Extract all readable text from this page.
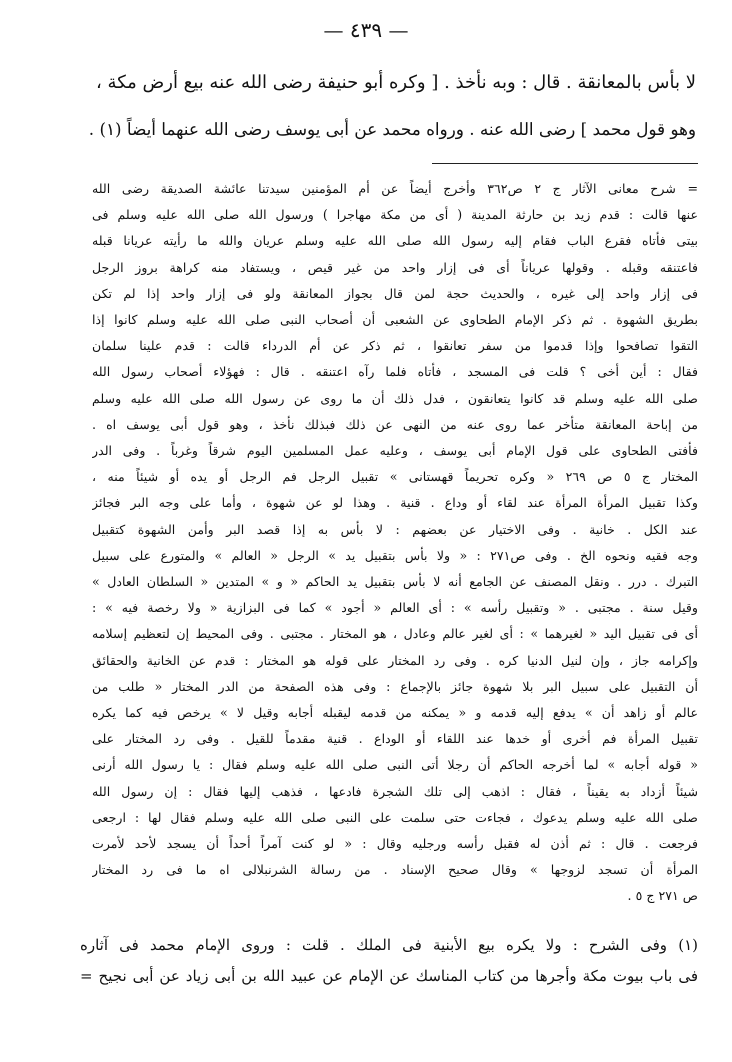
— ٤٣٩ —
لا بأس بالمعانقة . قال : وبه نأخذ . [ وكره أبو حنيفة رضى الله عنه بيع أرض مكة ،
وهو قول محمد ] رضى الله عنه . ورواه محمد عن أبى يوسف رضى الله عنهما أيضاً (١) .
= شرح معانى الآثار ج ٢ ص٣٦٢ وأخرج أيضاً عن أم المؤمنين سيدتنا عائشة الصديقة رضى الله
عنها قالت : قدم زيد بن حارثة المدينة ( أى من مكة مهاجرا ) ورسول الله صلى الله عليه وسلم فى
بيتى فأتاه فقرع الباب فقام إليه رسول الله صلى الله عليه وسلم عريان والله ما رأيته عريانا قبله
فاعتنقه وقبله . وقولها عرياناً أى فى إزار واحد من غير قيص ، ويستفاد منه كراهة بروز الرجل
فى إزار واحد إلى غيره ، والحديث حجة لمن قال بجواز المعانقة ولو فى إزار واحد إذا لم تكن
بطريق الشهوة . ثم ذكر الإمام الطحاوى عن الشعبى أن أصحاب النبى صلى الله عليه وسلم كانوا إذا
التقوا تصافحوا وإذا قدموا من سفر تعانقوا ، ثم ذكر عن أم الدرداء قالت : قدم علينا سلمان
فقال : أين أخى ؟ قلت فى المسجد ، فأتاه فلما رآه اعتنقه . قال : فهؤلاء أصحاب رسول الله
صلى الله عليه وسلم قد كانوا يتعانقون ، فدل ذلك أن ما روى عن رسول الله صلى الله عليه وسلم
من إباحة المعانقة متأخر عما روى عنه من النهى عن ذلك فبذلك نأخذ ، وهو قول أبى يوسف اه .
فأفتى الطحاوى على قول الإمام أبى يوسف ، وعليه عمل المسلمين اليوم شرقاً وغرباً . وفى الدر
المختار ج ٥ ص ٢٦٩ « وكره تحريماً قهستانى » تقبيل الرجل فم الرجل أو يده أو شيئاً منه ،
وكذا تقبيل المرأة المرأة عند لقاء أو وداع . قنية . وهذا لو عن شهوة ، وأما على وجه البر فجائز
عند الكل . خانية . وفى الاختيار عن بعضهم : لا بأس به إذا قصد البر وأمن الشهوة كتقبيل
وجه فقيه ونحوه الخ . وفى ص٢٧١ : « ولا بأس بتقبيل يد » الرجل « العالم » والمتورع على سبيل
التبرك . درر . ونقل المصنف عن الجامع أنه لا بأس بتقبيل يد الحاكم « و » المتدين « السلطان العادل »
وقيل سنة . مجتبى . « وتقبيل رأسه » : أى العالم « أجود » كما فى البزازية « ولا رخصة فيه » :
أى فى تقبيل اليد « لغيرهما » : أى لغير عالم وعادل ، هو المختار . مجتبى . وفى المحيط إن لتعظيم إسلامه
وإكرامه جاز ، وإن لنيل الدنيا كره . وفى رد المختار على قوله هو المختار : قدم عن الخانية والحقائق
أن التقبيل على سبيل البر بلا شهوة جائز بالإجماع : وفى هذه الصفحة من الدر المختار « طلب من
عالم أو زاهد أن » يدفع إليه قدمه و « يمكنه من قدمه ليقبله أجابه وقيل لا » يرخص فيه كما يكره
تقبيل المرأة فم أخرى أو خدها عند اللقاء أو الوداع . قنية مقدماً للقيل . وفى رد المختار على
« قوله أجابه » لما أخرجه الحاكم أن رجلا أتى النبى صلى الله عليه وسلم فقال : يا رسول الله أرنى
شيئاً أزداد به يقيناً ، فقال : اذهب إلى تلك الشجرة فادعها ، فذهب إليها فقال : إن رسول الله
صلى الله عليه وسلم يدعوك ، فجاءت حتى سلمت على النبى صلى الله عليه وسلم فقال لها : ارجعى
فرجعت . قال : ثم أذن له فقبل رأسه ورجليه وقال : « لو كنت آمراً أحداً أن يسجد لأحد لأمرت
المرأة أن تسجد لزوجها » وقال صحيح الإسناد . من رسالة الشرنبلالى اه ما فى رد المختار
ص ٢٧١ ج ٥ .
(١) وفى الشرح : ولا يكره بيع الأبنية فى الملك . قلت : وروى الإمام محمد فى آثاره
فى باب بيوت مكة وأجرها من كتاب المناسك عن الإمام عن عبيد الله بن أبى زياد عن أبى نجيح =
